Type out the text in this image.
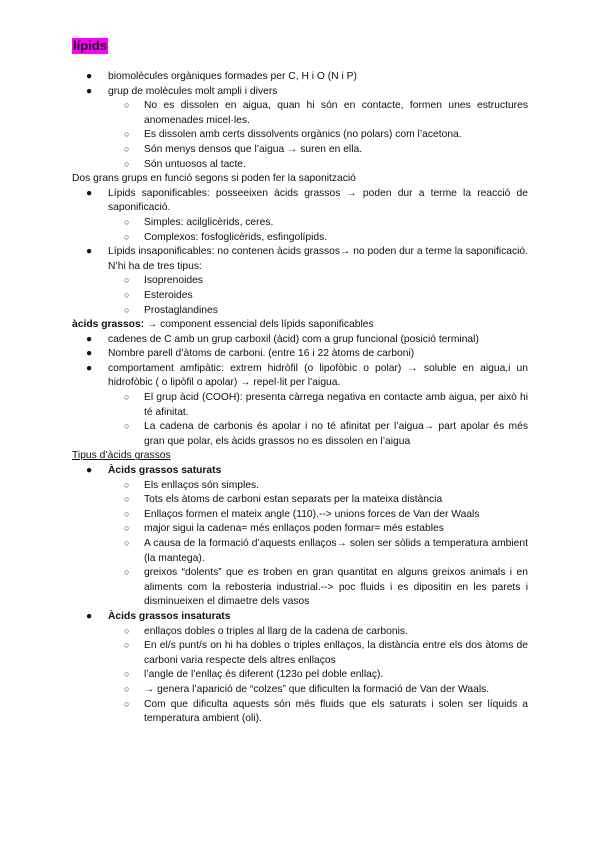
lípids
● biomolècules orgàniques formades per C, H i O (N i P)
● grup de molècules molt ampli i divers
○ No es dissolen en aigua, quan hi són en contacte, formen unes estructures anomenades micel·les.
○ Es dissolen amb certs dissolvents orgànics (no polars) com l’acetona.
○ Són menys densos que l’aigua → suren en ella.
○ Són untuosos al tacte.
Dos grans grups en funció segons si poden fer la saponització
● Lípids saponificables: posseeixen àcids grassos → poden dur a terme la reacció de saponificació.
○ Simples: acilglicèrids, ceres.
○ Complexos: fosfoglicèrids, esfingolípids.
● Lípids insaponificables: no contenen àcids grassos→ no poden dur a terme la saponificació. N’hi ha de tres tipus:
○ Isoprenoides
○ Esteroides
○ Prostaglandines
àcids grassos: → component essencial dels lípids saponificables
● cadenes de C amb un grup carboxil (àcid) com a grup funcional (posició terminal)
● Nombre parell d’àtoms de carboni. (entre 16 i 22 àtoms de carboni)
● comportament amfipàtic: extrem hidròfil (o lipofòbic o polar) → soluble en aigua,i un hidrofòbic ( o lipòfil o apolar) → repel·lit per l’aigua.
○ El grup àcid (COOH): presenta càrrega negativa en contacte amb aigua, per això hi té afinitat.
○ La cadena de carbonis és apolar i no té afinitat per l’aigua→ part apolar és més gran que polar, els àcids grassos no es dissolen en l’aigua
Tipus d’àcids grassos
● Àcids grassos saturats
○ Els enllaços són simples.
○ Tots els àtoms de carboni estan separats per la mateixa distància
○ Enllaços formen el mateix angle (110).--> unions forces de Van der Waals
○ major sigui la cadena= més enllaços poden formar= més estables
○ A causa de la formació d’aquests enllaços→ solen ser sòlids a temperatura ambient (la mantega).
○ greixos “dolents” que es troben en gran quantitat en alguns greixos animals i en aliments com la rebosteria industrial.--> poc fluids i es dipositin en les parets i disminueixen el dimaetre dels vasos
● Àcids grassos insaturats
○ enllaços dobles o triples al llarg de la cadena de carbonis.
○ En el/s punt/s on hi ha dobles o triples enllaços, la distància entre els dos àtoms de carboni varia respecte dels altres enllaços
○ l’angle de l’enllaç és diferent (123o pel doble enllaç).
○ → genera l’aparició de “colzes” que dificulten la formació de Van der Waals.
○ Com que dificulta aquests són més fluids que els saturats i solen ser líquids a temperatura ambient (oli).
